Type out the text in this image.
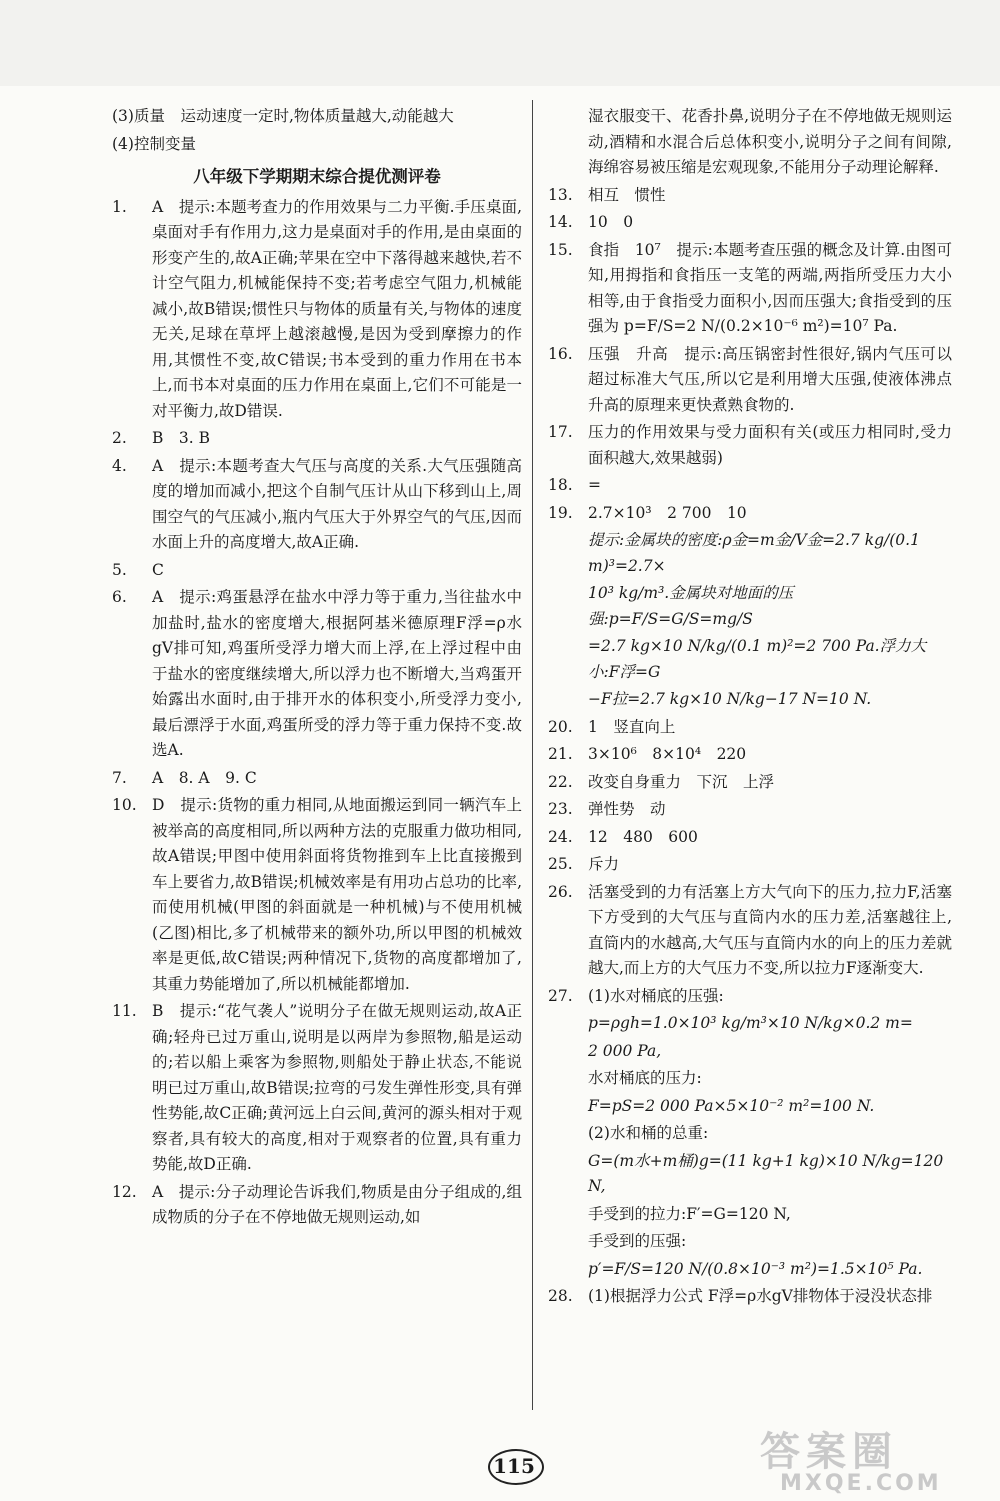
(3)质量　运动速度一定时,物体质量越大,动能越大
(4)控制变量
八年级下学期期末综合提优测评卷
1.	A　提示:本题考查力的作用效果与二力平衡.手压桌面,桌面对手有作用力,这力是桌面对手的作用,是由桌面的形变产生的,故A正确;苹果在空中下落得越来越快,若不计空气阻力,机械能保持不变;若考虑空气阻力,机械能减小,故B错误;惯性只与物体的质量有关,与物体的速度无关,足球在草坪上越滚越慢,是因为受到摩擦力的作用,其惯性不变,故C错误;书本受到的重力作用在书本上,而书本对桌面的压力作用在桌面上,它们不可能是一对平衡力,故D错误.
2.	B　3. B
4.	A　提示:本题考查大气压与高度的关系.大气压强随高度的增加而减小,把这个自制气压计从山下移到山上,周围空气的气压减小,瓶内气压大于外界空气的气压,因而水面上升的高度增大,故A正确.
5.	C
6.	A　提示:鸡蛋悬浮在盐水中浮力等于重力,当往盐水中加盐时,盐水的密度增大,根据阿基米德原理F浮=ρ水gV排可知,鸡蛋所受浮力增大而上浮,在上浮过程中由于盐水的密度继续增大,所以浮力也不断增大,当鸡蛋开始露出水面时,由于排开水的体积变小,所受浮力变小,最后漂浮于水面,鸡蛋所受的浮力等于重力保持不变.故选A.
7.	A　8. A　9. C
10. D　提示:货物的重力相同,从地面搬运到同一辆汽车上被举高的高度相同,所以两种方法的克服重力做功相同,故A错误;甲图中使用斜面将货物推到车上比直接搬到车上要省力,故B错误;机械效率是有用功占总功的比率,而使用机械(甲图的斜面就是一种机械)与不使用机械(乙图)相比,多了机械带来的额外功,所以甲图的机械效率是更低,故C错误;两种情况下,货物的高度都增加了,其重力势能增加了,所以机械能都增加.
11. B　提示:“花气袭人”说明分子在做无规则运动,故A正确;轻舟已过万重山,说明是以两岸为参照物,船是运动的;若以船上乘客为参照物,则船处于静止状态,不能说明已过万重山,故B错误;拉弯的弓发生弹性形变,具有弹性势能,故C正确;黄河远上白云间,黄河的源头相对于观察者,具有较大的高度,相对于观察者的位置,具有重力势能,故D正确.
12. A　提示:分子动理论告诉我们,物质是由分子组成的,组成物质的分子在不停地做无规则运动,如
湿衣服变干、花香扑鼻,说明分子在不停地做无规则运动,酒精和水混合后总体积变小,说明分子之间有间隙,海绵容易被压缩是宏观现象,不能用分子动理论解释.
13. 相互　惯性
14. 10　0
15. 食指　10⁷　提示:本题考查压强的概念及计算.由图可知,用拇指和食指压一支笔的两端,两指所受压力大小相等,由于食指受力面积小,因而压强大;食指受到的压强为 p=F/S=2 N/(0.2×10⁻⁶ m²)=10⁷ Pa.
16. 压强　升高　提示:高压锅密封性很好,锅内气压可以超过标准大气压,所以它是利用增大压强,使液体沸点升高的原理来更快煮熟食物的.
17. 压力的作用效果与受力面积有关(或压力相同时,受力面积越大,效果越弱)
18. =
19. 2.7×10³　2 700　10
提示:金属块的密度:ρ金=m金/V金=2.7 kg/(0.1 m)³=2.7×
10³ kg/m³.金属块对地面的压强:p=F/S=G/S=mg/S
=2.7 kg×10 N/kg/(0.1 m)²=2 700 Pa.浮力大小:F浮=G
−F拉=2.7 kg×10 N/kg−17 N=10 N.
20. 1　竖直向上
21. 3×10⁶　8×10⁴　220
22. 改变自身重力　下沉　上浮
23. 弹性势　动
24. 12　480　600
25. 斥力
26. 活塞受到的力有活塞上方大气向下的压力,拉力F,活塞下方受到的大气压与直筒内水的压力差,活塞越往上,直筒内的水越高,大气压与直筒内水的向上的压力差就越大,而上方的大气压力不变,所以拉力F逐渐变大.
27. (1)水对桶底的压强:
p=ρgh=1.0×10³ kg/m³×10 N/kg×0.2 m=
2 000 Pa,
水对桶底的压力:
F=pS=2 000 Pa×5×10⁻² m²=100 N.
(2)水和桶的总重:
G=(m水+m桶)g=(11 kg+1 kg)×10 N/kg=120 N,
手受到的拉力:F′=G=120 N,
手受到的压强:
p′=F/S=120 N/(0.8×10⁻³ m²)=1.5×10⁵ Pa.
28. (1)根据浮力公式 F浮=ρ水gV排物体于浸没状态排
115	答案圈
MXQE.COM
